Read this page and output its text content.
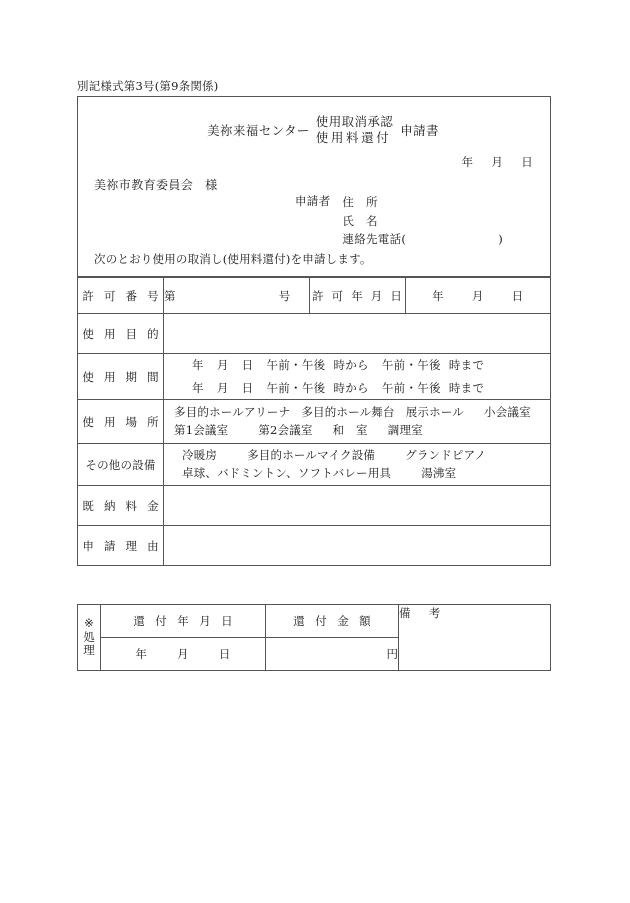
別記様式第3号(第9条関係)
美祢来福センター
使用取消承認
使用料還付 申請書
年 月 日
美祢市教育委員会 様
申請者 住　所
氏　名
連絡先電話(	)
次のとおり使用の取消し(使用料還付)を申請します。
許 可 番 号	第 号	許 可 年 月 日	年 月 日
使 用 目 的			
使 用 期 間	年 月 日 午前・午後 時から 午前・午後 時まで
年 月 日 午前・午後 時から 午前・午後 時まで		

使 用 場 所	多目的ホールアリーナ 多目的ホール舞台 展示ホール 小会議室
第1会議室 第2会議室 和　室 調理室		

その他の設備	冷暖房 多目的ホールマイク設備 グランドピアノ
卓球、バドミントン、ソフトバレー用具 湯沸室		

既 納 料 金			
申 請 理 由			
※
処
理	還 付 年 月 日	還 付 金 額	備　考
	年 月 日	円	
